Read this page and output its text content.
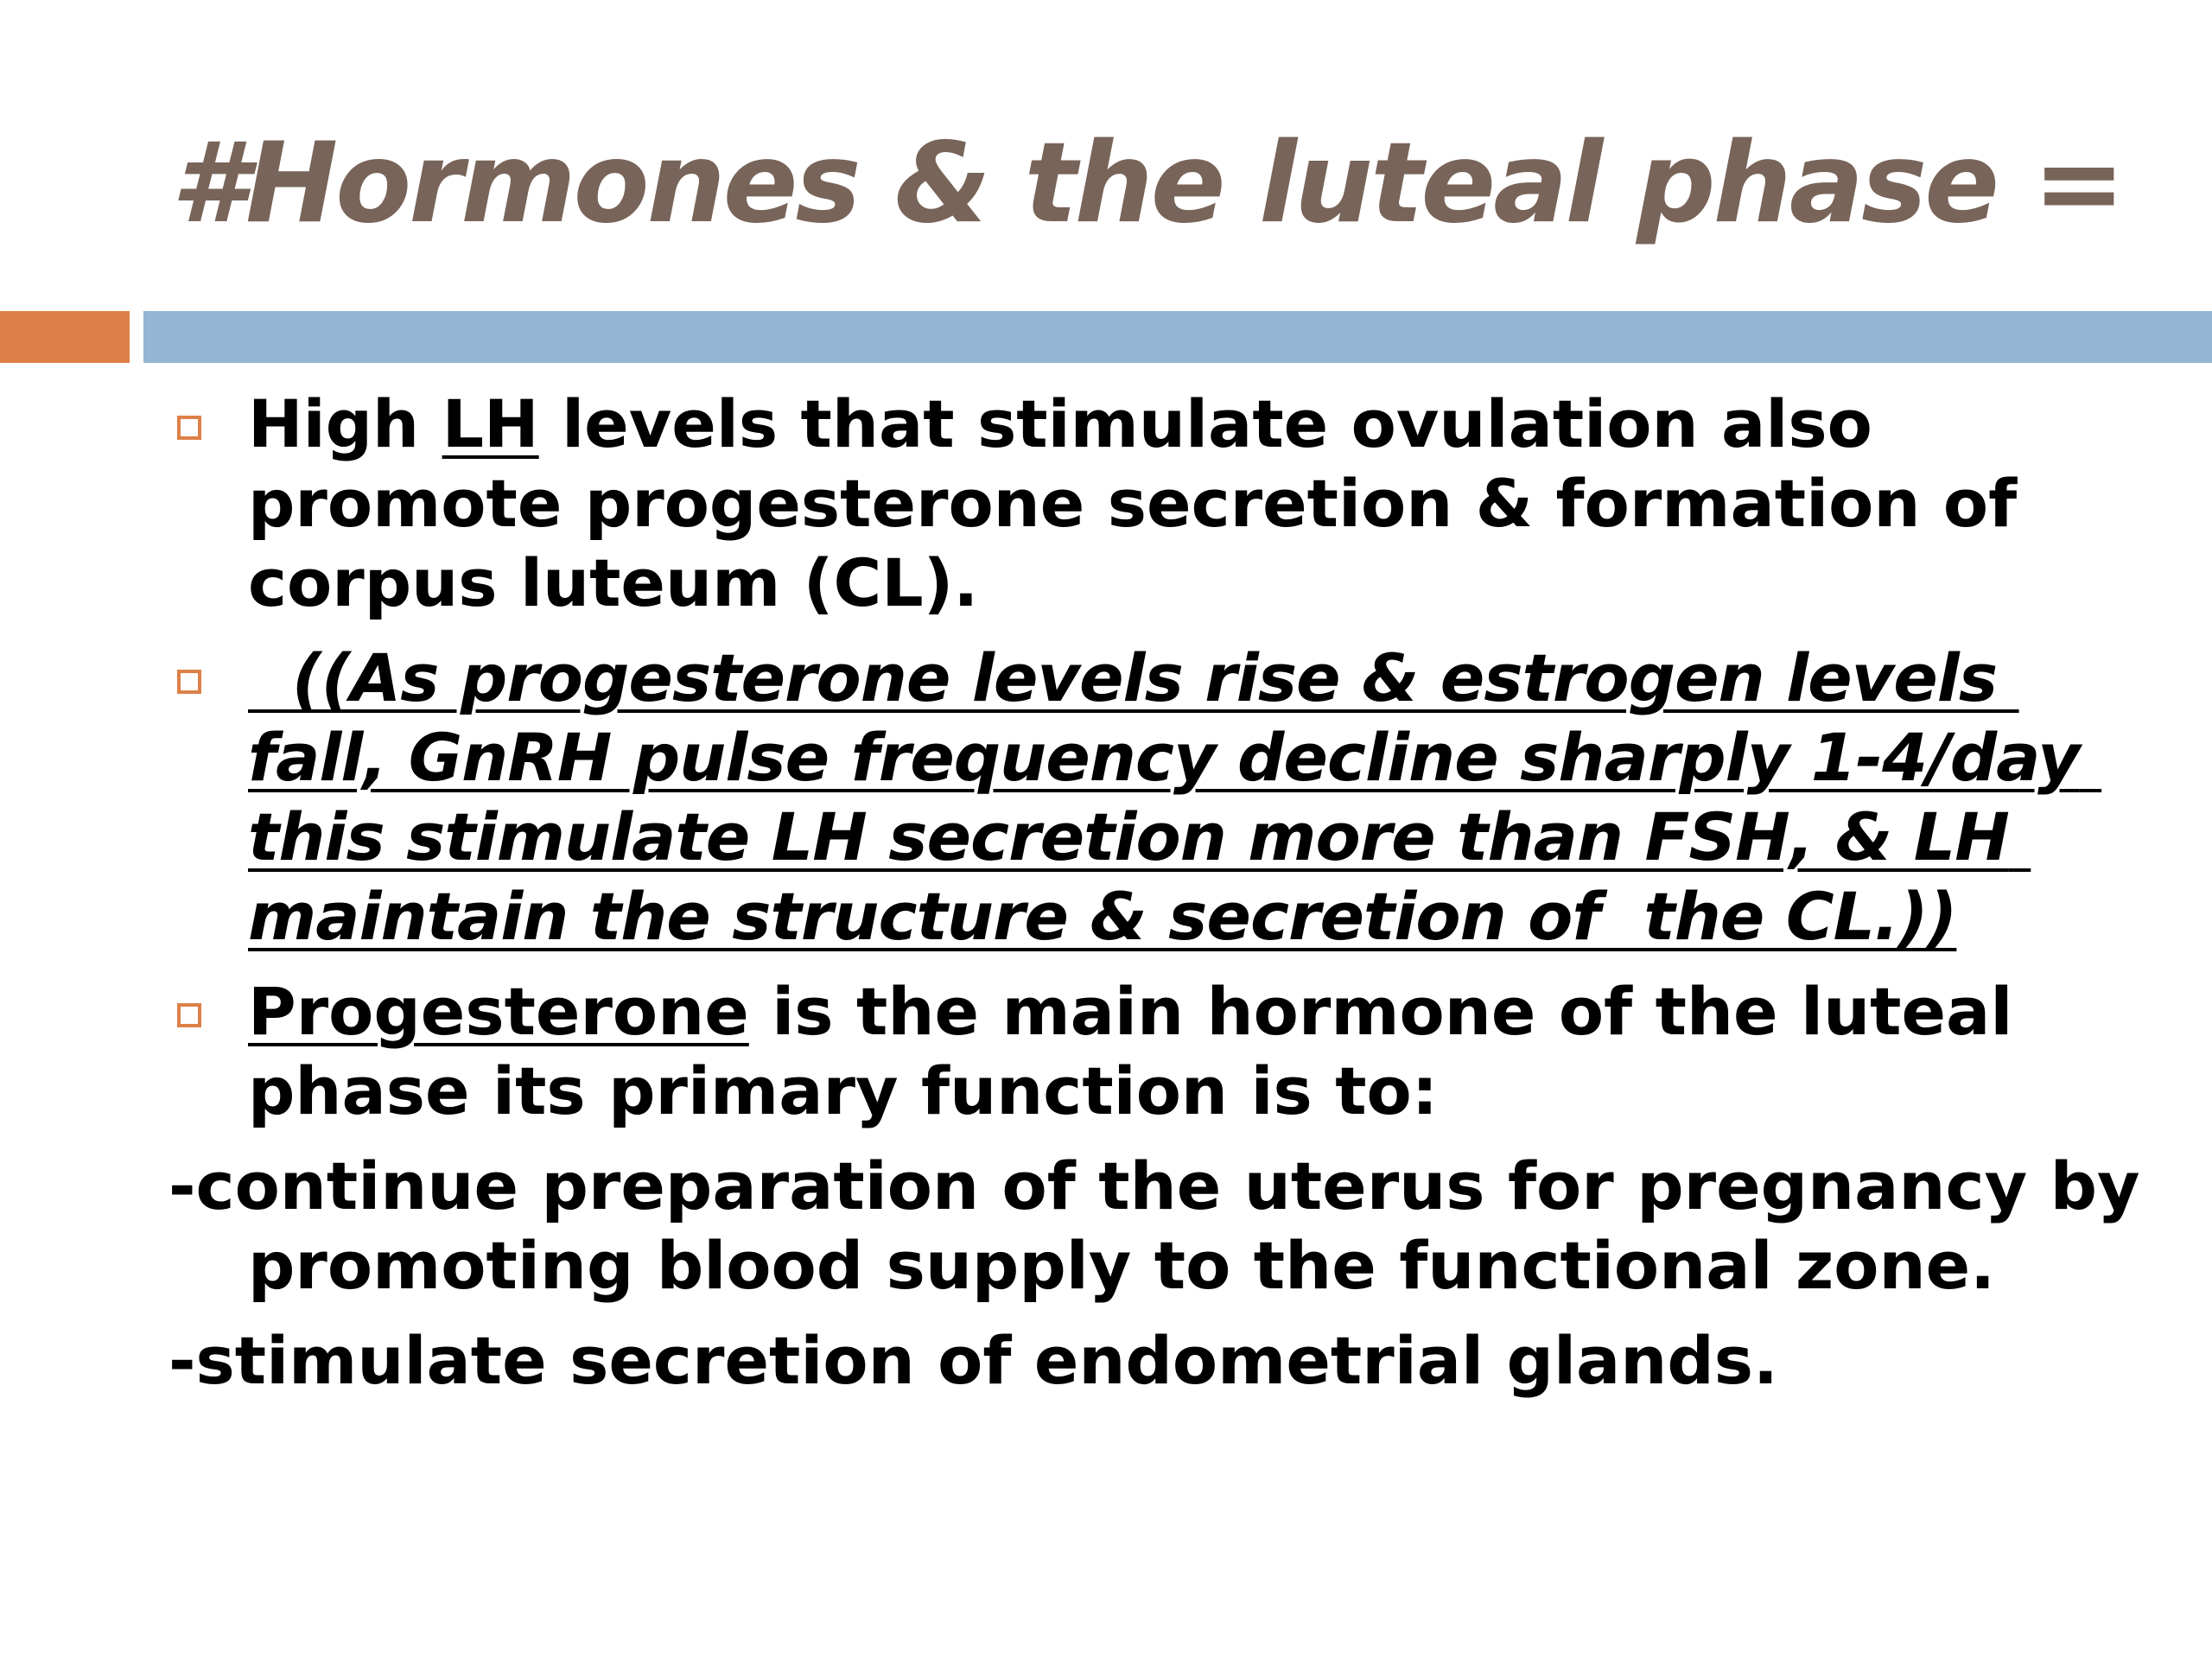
#Hormones & the luteal phase =
High LH levels that stimulate ovulation also promote progesterone secretion & formation of corpus luteum (CL).
((As progesterone levels rise & estrogen levels fall, GnRH pulse frequency decline sharply 1-4/day this stimulate LH secretion more than FSH, & LH maintain the structure & secretion of  the CL.))
Progesterone is the main hormone of the luteal phase its primary function is to:
-continue preparation of the uterus for pregnancy by promoting blood supply to the functional zone.
-stimulate secretion of endometrial glands.
